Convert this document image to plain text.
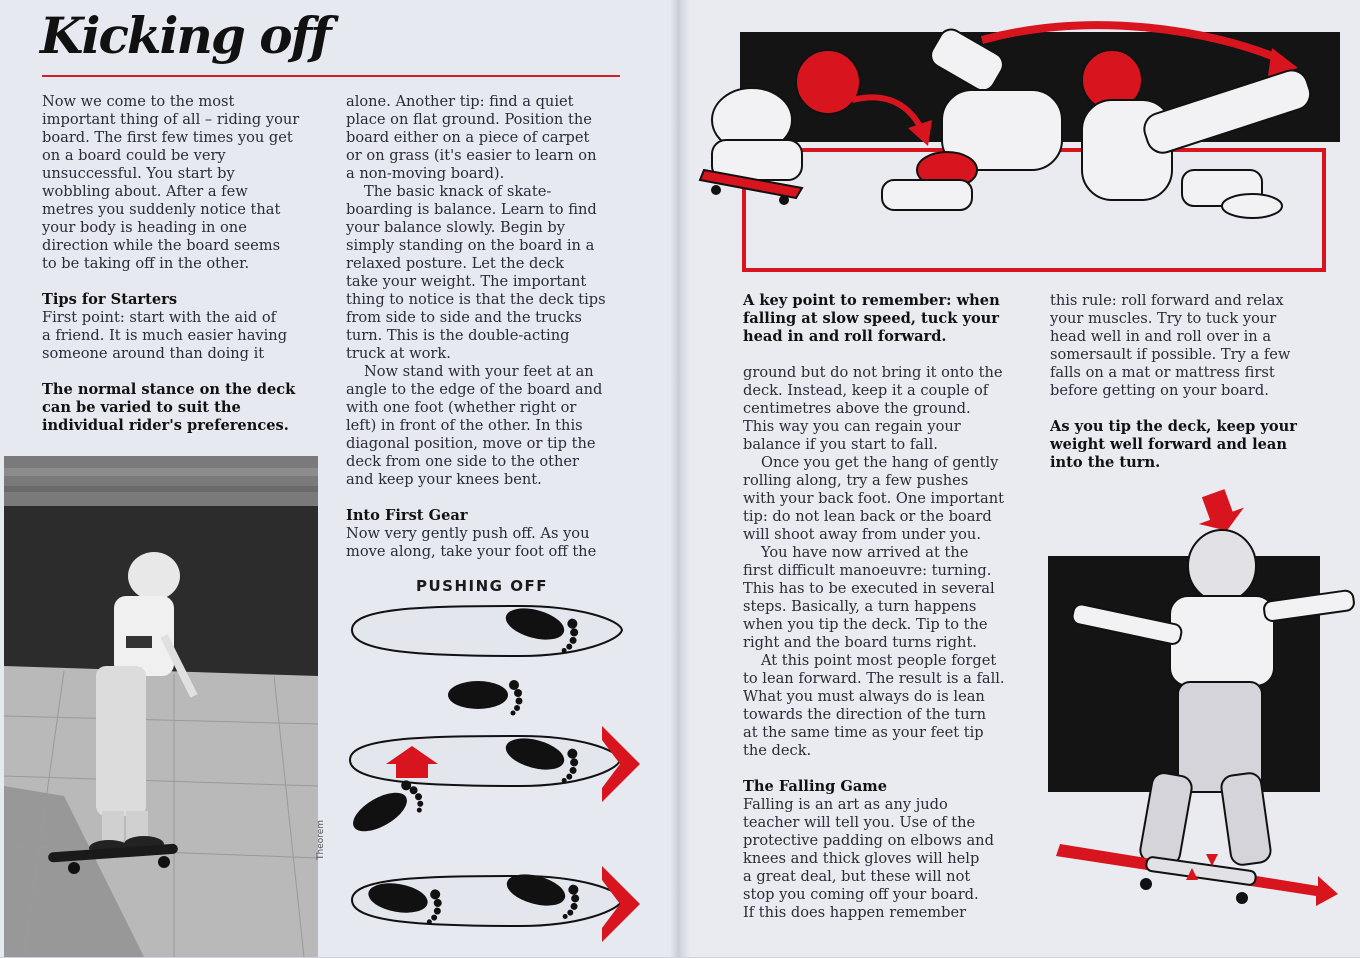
Kicking off

Now we come to the most

important thing of all – riding your

board. The first few times you get

on a board could be very

unsuccessful. You start by

wobbling about. After a few

metres you suddenly notice that

your body is heading in one

direction while the board seems

to be taking off in the other.

Tips for Starters

First point: start with the aid of

a friend. It is much easier having

someone around than doing it

The normal stance on the deck

can be varied to suit the

individual rider's preferences.

Theorem

alone. Another tip: find a quiet

place on flat ground. Position the

board either on a piece of carpet

or on grass (it's easier to learn on

a non-moving board).

The basic knack of skate-

boarding is balance. Learn to find

your balance slowly. Begin by

simply standing on the board in a

relaxed posture. Let the deck

take your weight. The important

thing to notice is that the deck tips

from side to side and the trucks

turn. This is the double-acting

truck at work.

Now stand with your feet at an

angle to the edge of the board and

with one foot (whether right or

left) in front of the other. In this

diagonal position, move or tip the

deck from one side to the other

and keep your knees bent.

Into First Gear

Now very gently push off. As you

move along, take your foot off the

PUSHING OFF

A key point to remember: when

falling at slow speed, tuck your

head in and roll forward.

ground but do not bring it onto the

deck. Instead, keep it a couple of

centimetres above the ground.

This way you can regain your

balance if you start to fall.

Once you get the hang of gently

rolling along, try a few pushes

with your back foot. One important

tip: do not lean back or the board

will shoot away from under you.

You have now arrived at the

first difficult manoeuvre: turning.

This has to be executed in several

steps. Basically, a turn happens

when you tip the deck. Tip to the

right and the board turns right.

At this point most people forget

to lean forward. The result is a fall.

What you must always do is lean

towards the direction of the turn

at the same time as your feet tip

the deck.

The Falling Game

Falling is an art as any judo

teacher will tell you. Use of the

protective padding on elbows and

knees and thick gloves will help

a great deal, but these will not

stop you coming off your board.

If this does happen remember

this rule: roll forward and relax

your muscles. Try to tuck your

head well in and roll over in a

somersault if possible. Try a few

falls on a mat or mattress first

before getting on your board.

As you tip the deck, keep your

weight well forward and lean

into the turn.
